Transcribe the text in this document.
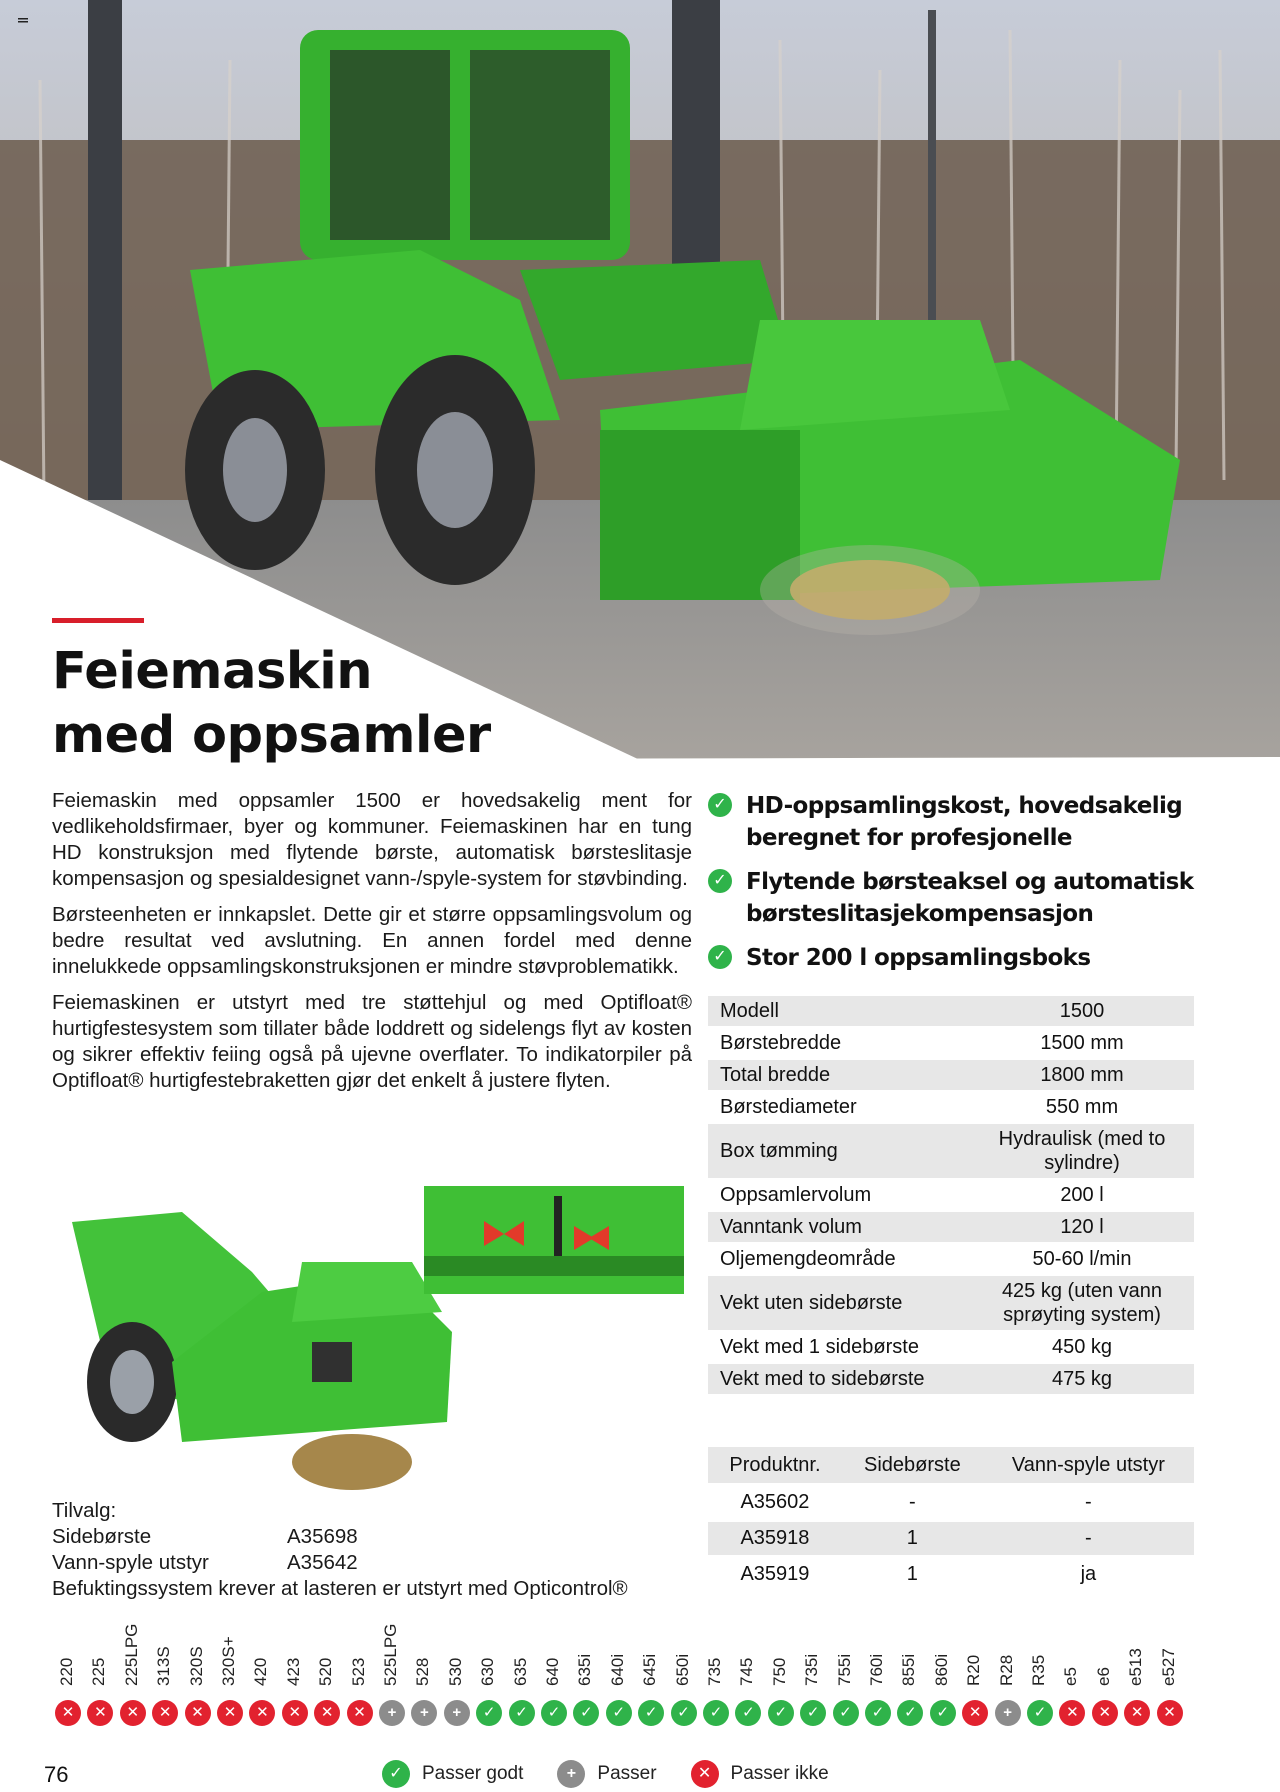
Feiemaskin
med oppsamler

Feiemaskin med oppsamler 1500 er hovedsakelig ment for vedlikeholdsfirmaer, byer og kommuner. Feiemaskinen har en tung HD konstruksjon med flytende børste, automatisk børsteslitasje kompensasjon og spesialdesignet vann-/spyle-system for støvbinding.

Børsteenheten er innkapslet. Dette gir et større oppsamlingsvolum og bedre resultat ved avslutning. En annen fordel med denne innelukkede oppsamlingskonstruksjonen er mindre støvproblematikk.

Feiemaskinen er utstyrt med tre støttehjul og med Optifloat® hurtigfestesystem som tillater både loddrett og sidelengs flyt av kosten og sikrer effektiv feiing også på ujevne overflater. To indikatorpiler på Optifloat® hurtigfestebraketten gjør det enkelt å justere flyten.

Tilvalg:
Sidebørste	A35698
Vann-spyle utstyr	A35642
Befuktingssystem krever at lasteren er utstyrt med Opticontrol®
✓ HD-oppsamlingskost, hovedsakelig beregnet for profesjonelle
✓ Flytende børsteaksel og automatisk børsteslitasjekompensasjon
✓ Stor 200 l oppsamlingsboks
Modell	1500
Børstebredde	1500 mm
Total bredde	1800 mm
Børstediameter	550 mm
Box tømming	Hydraulisk (med to sylindre)
Oppsamlervolum	200 l
Vanntank volum	120 l
Oljemengdeområde	50-60 l/min
Vekt uten sidebørste	425 kg (uten vann sprøyting system)
Vekt med 1 sidebørste	450 kg
Vekt med to sidebørste	475 kg
Produktnr.	Sidebørste	Vann-spyle utstyr
A35602	-	-
A35918	1	-
A35919	1	ja
220
✕
225
✕
225LPG
✕
313S
✕
320S
✕
320S+
✕
420
✕
423
✕
520
✕
523
✕
525LPG
+
528
+
530
+
630
✓
635
✓
640
✓
635i
✓
640i
✓
645i
✓
650i
✓
735
✓
745
✓
750
✓
735i
✓
755i
✓
760i
✓
855i
✓
860i
✓
R20
✕
R28
+
R35
✓
e5
✕
e6
✕
e513
✕
e527
✕
76	✓	Passer godt	+	Passer	✕	Passer ikke
